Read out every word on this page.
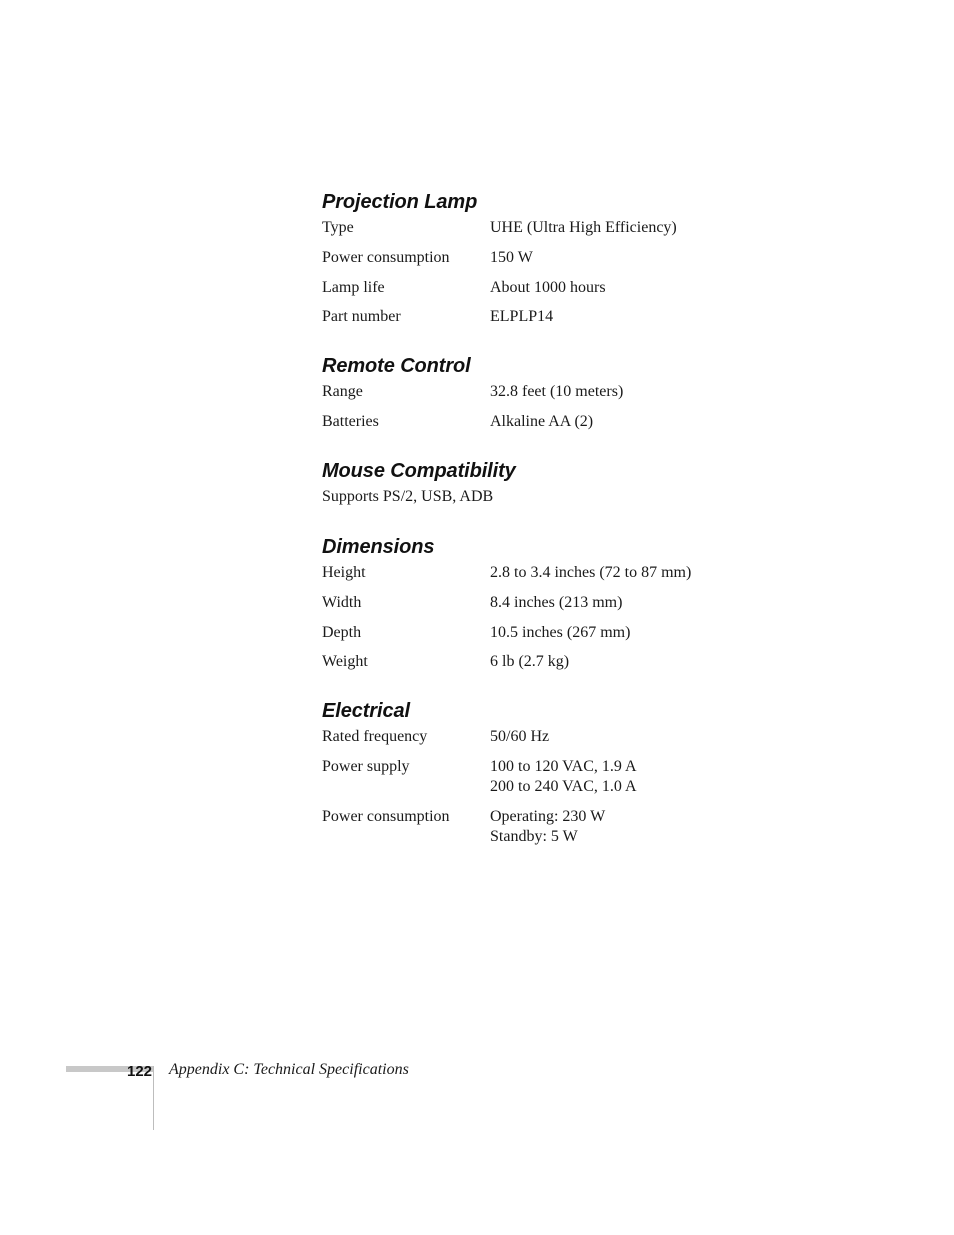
Projection Lamp
Type	UHE (Ultra High Efficiency)
Power consumption	150 W
Lamp life	About 1000 hours
Part number	ELPLP14
Remote Control
Range	32.8 feet (10 meters)
Batteries	Alkaline AA (2)
Mouse Compatibility
Supports PS/2, USB, ADB
Dimensions
Height	2.8 to 3.4 inches (72 to 87 mm)
Width	8.4 inches (213 mm)
Depth	10.5 inches (267 mm)
Weight	6 lb (2.7 kg)
Electrical
Rated frequency	50/60 Hz
Power supply	100 to 120 VAC, 1.9 A
200 to 240 VAC, 1.0 A
Power consumption	Operating: 230 W
Standby: 5 W
122 Appendix C: Technical Specifications
